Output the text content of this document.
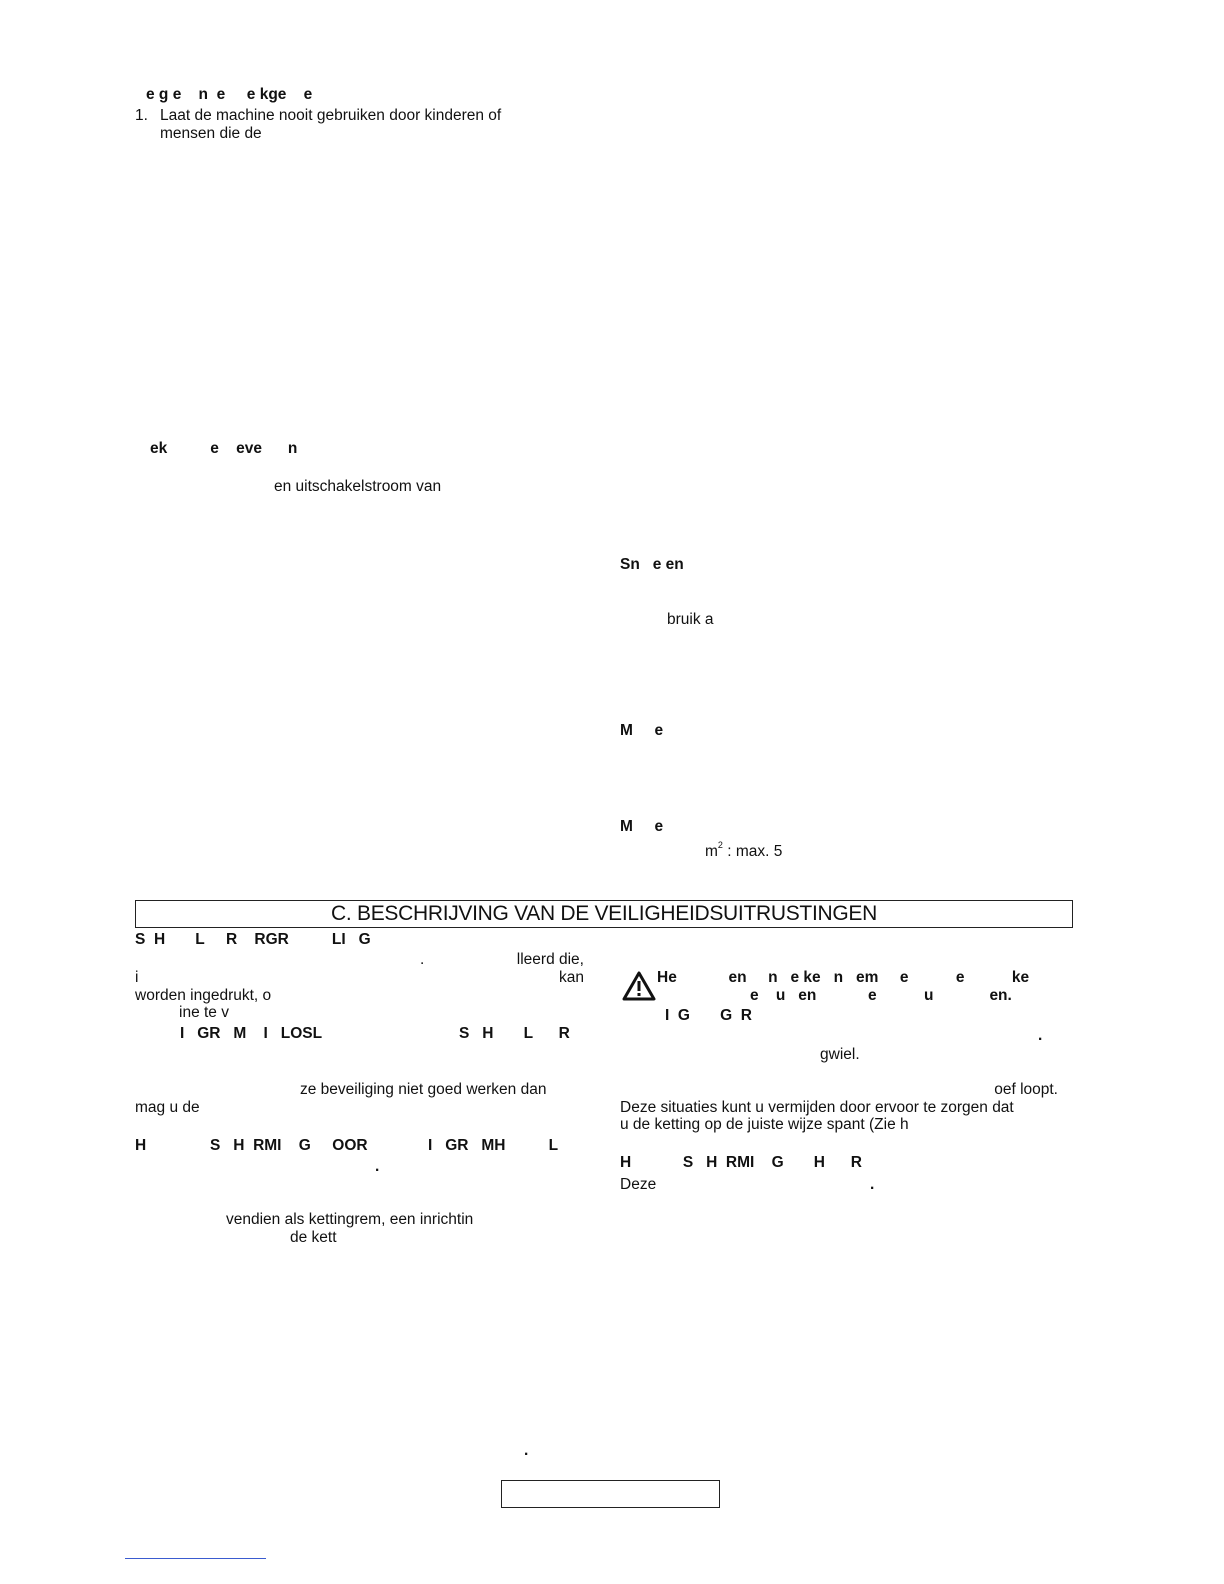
e g e    n  e     e kge    e
1. Laat de machine nooit gebruiken door kinderen of
mensen die de
ek          e    eve      n
en uitschakelstroom van
Sn   e en
bruik a
M     e
M     e
$m^2$ : max. 5
C. BESCHRIJVING VAN DE VEILIGHEIDSUITRUSTINGEN
S  H       L     R    RGR          LI   G
.	lleerd die,
i	kan
worden ingedrukt, o
ine te v
I   GR   M    I   LOSL	S   H       L      R
ze beveiliging niet goed werken dan
mag u de
H	S   H  RMI    G     OOR	I   GR   MH          L
.
vendien als kettingrem, een inrichtin
de kett
He            en     n   e ke   n   em     e           e           ke
e    u   en            e           u             en.
I  G       G  R
.
gwiel.
oef loopt.
Deze situaties kunt u vermijden door ervoor te zorgen dat
u de ketting op de juiste wijze spant (Zie h
H            S   H  RMI    G       H      R
Deze	.
.
